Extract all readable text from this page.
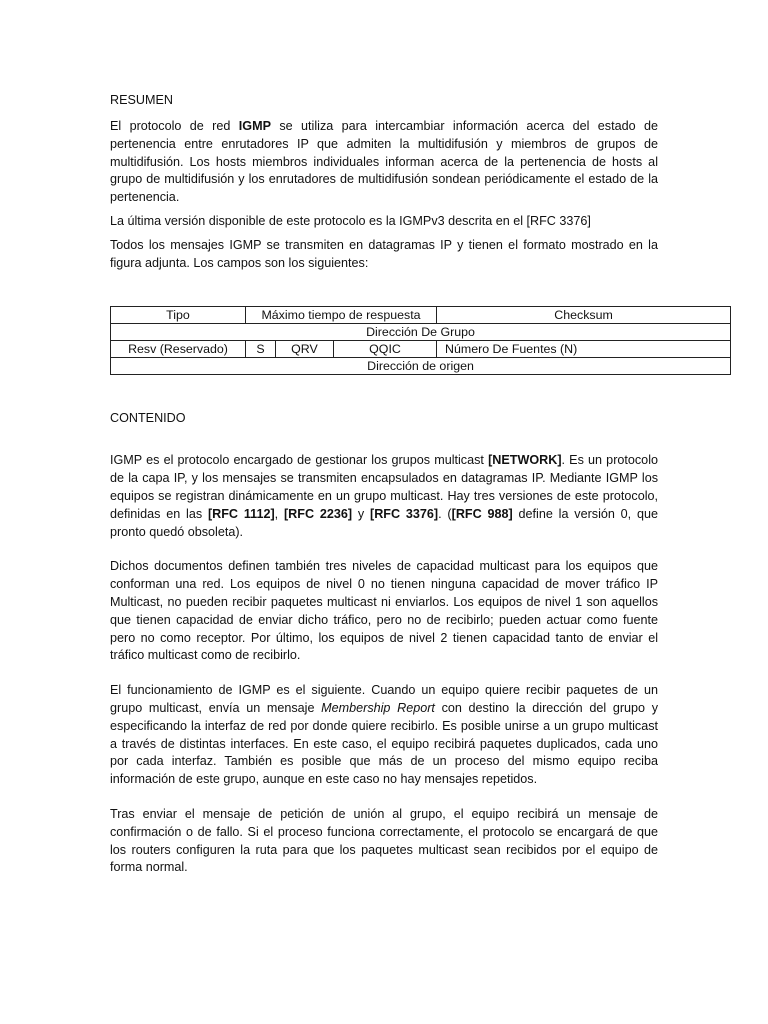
RESUMEN

El protocolo de red IGMP se utiliza para intercambiar información acerca del estado de pertenencia entre enrutadores IP que admiten la multidifusión y miembros de grupos de multidifusión. Los hosts miembros individuales informan acerca de la pertenencia de hosts al grupo de multidifusión y los enrutadores de multidifusión sondean periódicamente el estado de la pertenencia.

La última versión disponible de este protocolo es la IGMPv3 descrita en el [RFC 3376]

Todos los mensajes IGMP se transmiten en datagramas IP y tienen el formato mostrado en la figura adjunta. Los campos son los siguientes:

Tipo	Máximo tiempo de respuesta			Checksum
Dirección De Grupo				
Resv (Reservado)	S	QRV	QQIC	Número De Fuentes (N)
Dirección de origen				
CONTENIDO

IGMP es el protocolo encargado de gestionar los grupos multicast [NETWORK]. Es un protocolo de la capa IP, y los mensajes se transmiten encapsulados en datagramas IP. Mediante IGMP los equipos se registran dinámicamente en un grupo multicast. Hay tres versiones de este protocolo, definidas en las [RFC 1112], [RFC 2236] y [RFC 3376]. ([RFC 988] define la versión 0, que pronto quedó obsoleta).

Dichos documentos definen también tres niveles de capacidad multicast para los equipos que conforman una red. Los equipos de nivel 0 no tienen ninguna capacidad de mover tráfico IP Multicast, no pueden recibir paquetes multicast ni enviarlos. Los equipos de nivel 1 son aquellos que tienen capacidad de enviar dicho tráfico, pero no de recibirlo; pueden actuar como fuente pero no como receptor. Por último, los equipos de nivel 2 tienen capacidad tanto de enviar el tráfico multicast como de recibirlo.

El funcionamiento de IGMP es el siguiente. Cuando un equipo quiere recibir paquetes de un grupo multicast, envía un mensaje Membership Report con destino la dirección del grupo y especificando la interfaz de red por donde quiere recibirlo. Es posible unirse a un grupo multicast a través de distintas interfaces. En este caso, el equipo recibirá paquetes duplicados, cada uno por cada interfaz. También es posible que más de un proceso del mismo equipo reciba información de este grupo, aunque en este caso no hay mensajes repetidos.

Tras enviar el mensaje de petición de unión al grupo, el equipo recibirá un mensaje de confirmación o de fallo. Si el proceso funciona correctamente, el protocolo se encargará de que los routers configuren la ruta para que los paquetes multicast sean recibidos por el equipo de forma normal.
